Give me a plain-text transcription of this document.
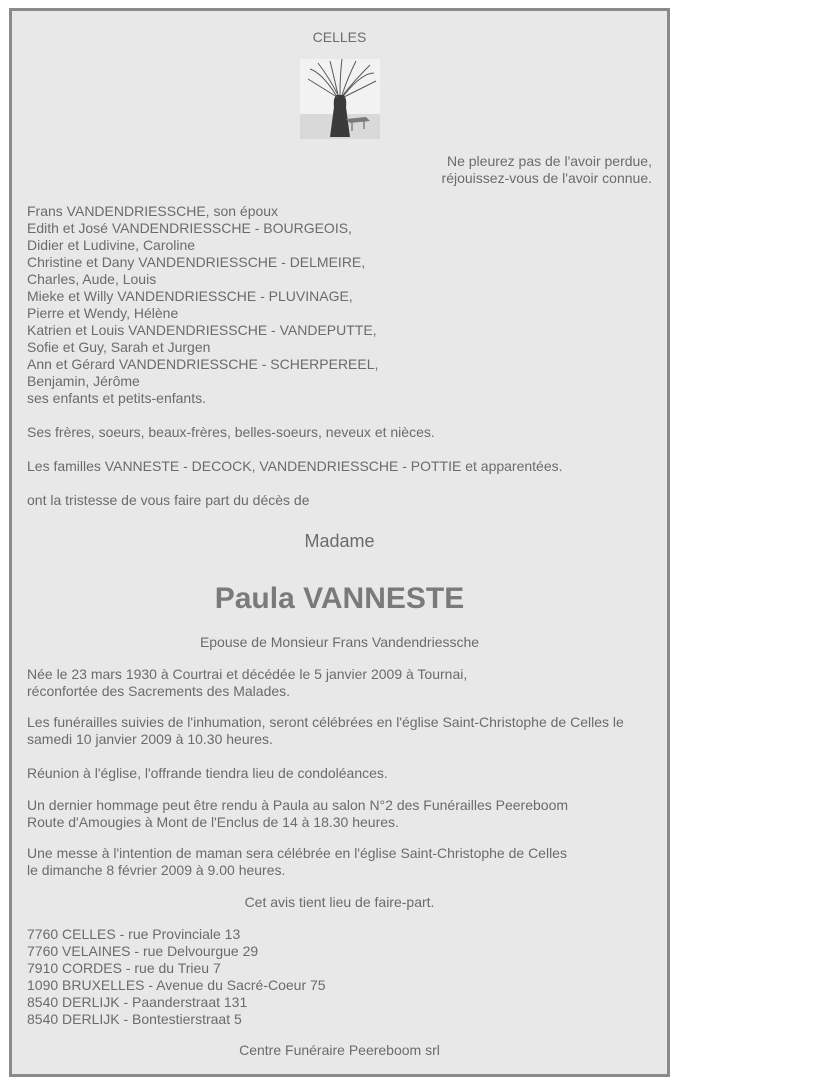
CELLES

Ne pleurez pas de l'avoir perdue,

réjouissez-vous de l'avoir connue.

Frans VANDENDRIESSCHE, son époux

Edith et José VANDENDRIESSCHE - BOURGEOIS,

Didier et Ludivine, Caroline

Christine et Dany VANDENDRIESSCHE - DELMEIRE,

Charles, Aude, Louis

Mieke et Willy VANDENDRIESSCHE - PLUVINAGE,

Pierre et Wendy, Hélène

Katrien et Louis VANDENDRIESSCHE - VANDEPUTTE,

Sofie et Guy, Sarah et Jurgen

Ann et Gérard VANDENDRIESSCHE - SCHERPEREEL,

Benjamin, Jérôme

ses enfants et petits-enfants.

Ses frères, soeurs, beaux-frères, belles-soeurs, neveux et nièces.

Les familles VANNESTE - DECOCK, VANDENDRIESSCHE - POTTIE et apparentées.

ont la tristesse de vous faire part du décès de

Madame
Paula VANNESTE
Epouse de Monsieur Frans Vandendriessche

Née le 23 mars 1930 à Courtrai et décédée le 5 janvier 2009 à Tournai,

réconfortée des Sacrements des Malades.

Les funérailles suivies de l'inhumation, seront célébrées en l'église Saint-Christophe de Celles le

samedi 10 janvier 2009 à 10.30 heures.

Réunion à l'église, l'offrande tiendra lieu de condoléances.

Un dernier hommage peut être rendu à Paula au salon N°2 des Funérailles Peereboom

Route d'Amougies à Mont de l'Enclus de 14 à 18.30 heures.

Une messe à l'intention de maman sera célébrée en l'église Saint-Christophe de Celles

le dimanche 8 février 2009 à 9.00 heures.

Cet avis tient lieu de faire-part.

7760 CELLES - rue Provinciale 13

7760 VELAINES - rue Delvourgue 29

7910 CORDES - rue du Trieu 7

1090 BRUXELLES - Avenue du Sacré-Coeur 75

8540 DERLIJK - Paanderstraat 131

8540 DERLIJK - Bontestierstraat 5

Centre Funéraire Peereboom srl
